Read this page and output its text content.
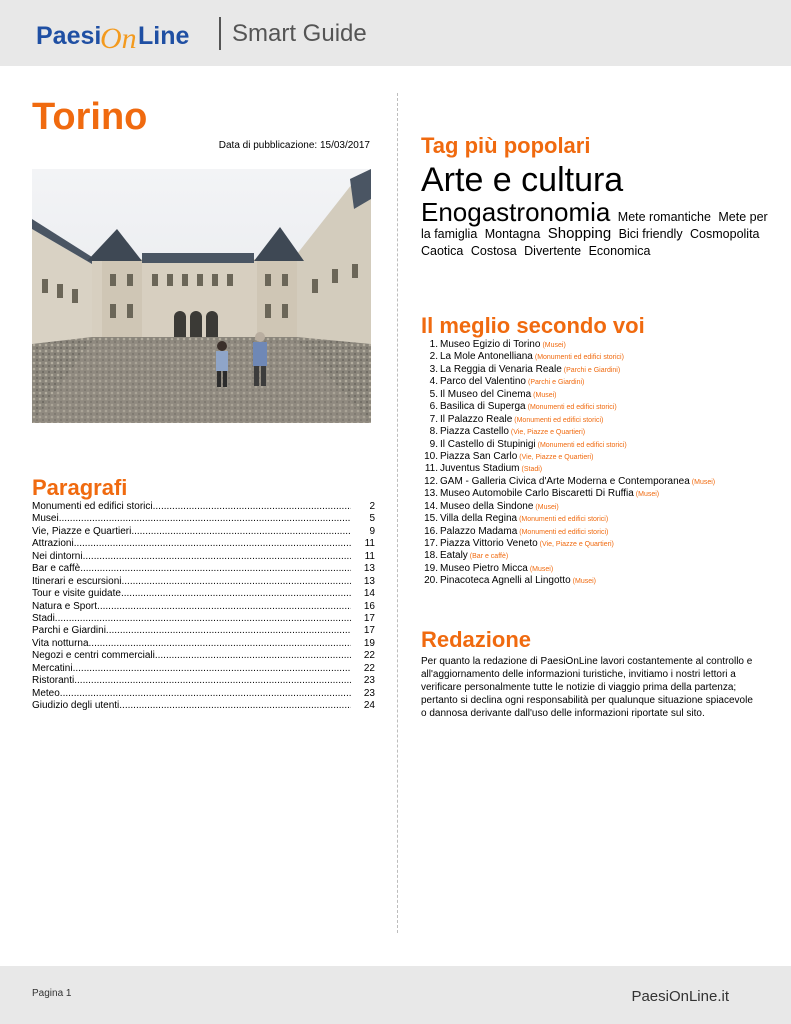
Paesi
On Line Smart Guide
Torino
Data di pubblicazione: 15/03/2017
Paragrafi
Monumenti ed edifici storici .....	2
Musei .....	5
Vie, Piazze e Quartieri .....	9
Attrazioni .....	11
Nei dintorni .....	11
Bar e caffè .....	13
Itinerari e escursioni .....	13
Tour e visite guidate .....	14
Natura e Sport .....	16
Stadi .....	17
Parchi e Giardini .....	17
Vita notturna .....	19
Negozi e centri commerciali .....	22
Mercatini .....	22
Ristoranti .....	23
Meteo .....	23
Giudizio degli utenti .....	24
Tag più popolari
Arte e cultura
Enogastronomia Mete romantiche Mete per la famiglia Montagna Shopping Bici friendly Cosmopolita Caotica Costosa Divertente Economica
Il meglio secondo voi
1. Museo Egizio di Torino (Musei)
2. La Mole Antonelliana (Monumenti ed edifici storici)
3. La Reggia di Venaria Reale (Parchi e Giardini)
4. Parco del Valentino (Parchi e Giardini)
5. Il Museo del Cinema (Musei)
6. Basilica di Superga (Monumenti ed edifici storici)
7. Il Palazzo Reale (Monumenti ed edifici storici)
8. Piazza Castello (Vie, Piazze e Quartieri)
9. Il Castello di Stupinigi (Monumenti ed edifici storici)
10. Piazza San Carlo (Vie, Piazze e Quartieri)
11. Juventus Stadium (Stadi)
12. GAM - Galleria Civica d'Arte Moderna e Contemporanea (Musei)
13. Museo Automobile Carlo Biscaretti Di Ruffia (Musei)
14. Museo della Sindone (Musei)
15. Villa della Regina (Monumenti ed edifici storici)
16. Palazzo Madama (Monumenti ed edifici storici)
17. Piazza Vittorio Veneto (Vie, Piazze e Quartieri)
18. Eataly (Bar e caffè)
19. Museo Pietro Micca (Musei)
20. Pinacoteca Agnelli al Lingotto (Musei)
Redazione

Per quanto la redazione di PaesiOnLine lavori costantemente al controllo e all'aggiornamento delle informazioni turistiche, invitiamo i nostri lettori a verificare personalmente tutte le notizie di viaggio prima della partenza; pertanto si declina ogni responsabilità per qualunque situazione spiacevole o dannosa derivante dall'uso delle informazioni riportate sul sito.

Pagina 1	PaesiOnLine.it
